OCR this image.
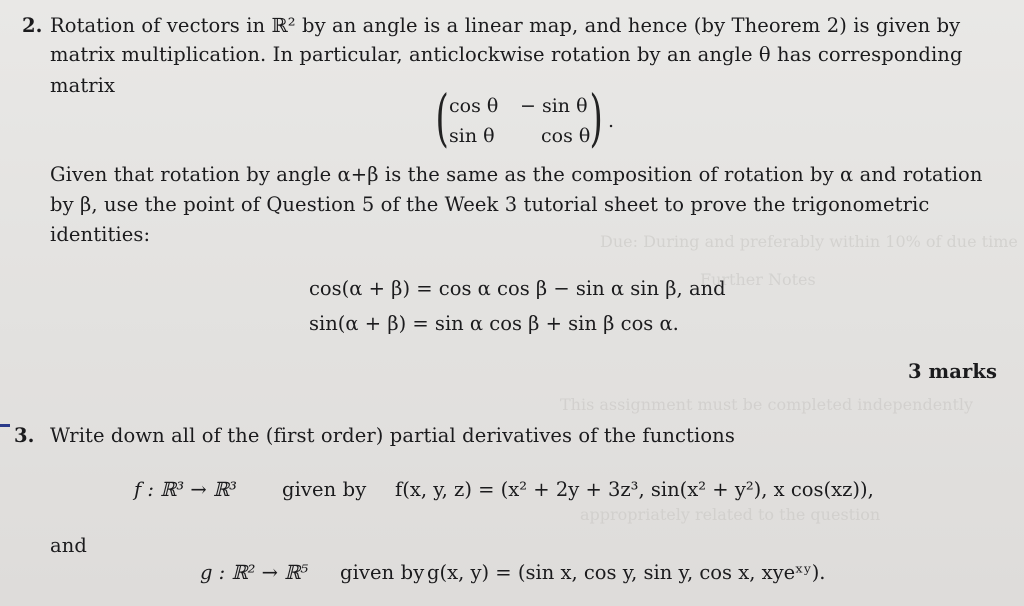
Due: During and preferably within 10% of due time
Further Notes
This assignment must be completed independently
appropriately related to the question
2. Rotation of vectors in ℝ² by an angle is a linear map, and hence (by Theorem 2) is given by
matrix multiplication. In particular, anticlockwise rotation by an angle θ has corresponding
matrix	( cos θ − sin θ
sin θ cos θ ) .
Given that rotation by angle α+β is the same as the composition of rotation by α and rotation
by β, use the point of Question 5 of the Week 3 tutorial sheet to prove the trigonometric
identities:
cos(α + β) = cos α cos β − sin α sin β, and
sin(α + β) = sin α cos β + sin β cos α.
3 marks
3. Write down all of the (first order) partial derivatives of the functions
f : ℝ³ → ℝ³ given by f(x, y, z) = (x² + 2y + 3z³, sin(x² + y²), x cos(xz)),
and
g : ℝ² → ℝ⁵ given by g(x, y) = (sin x, cos y, sin y, cos x, xyeˣʸ).
